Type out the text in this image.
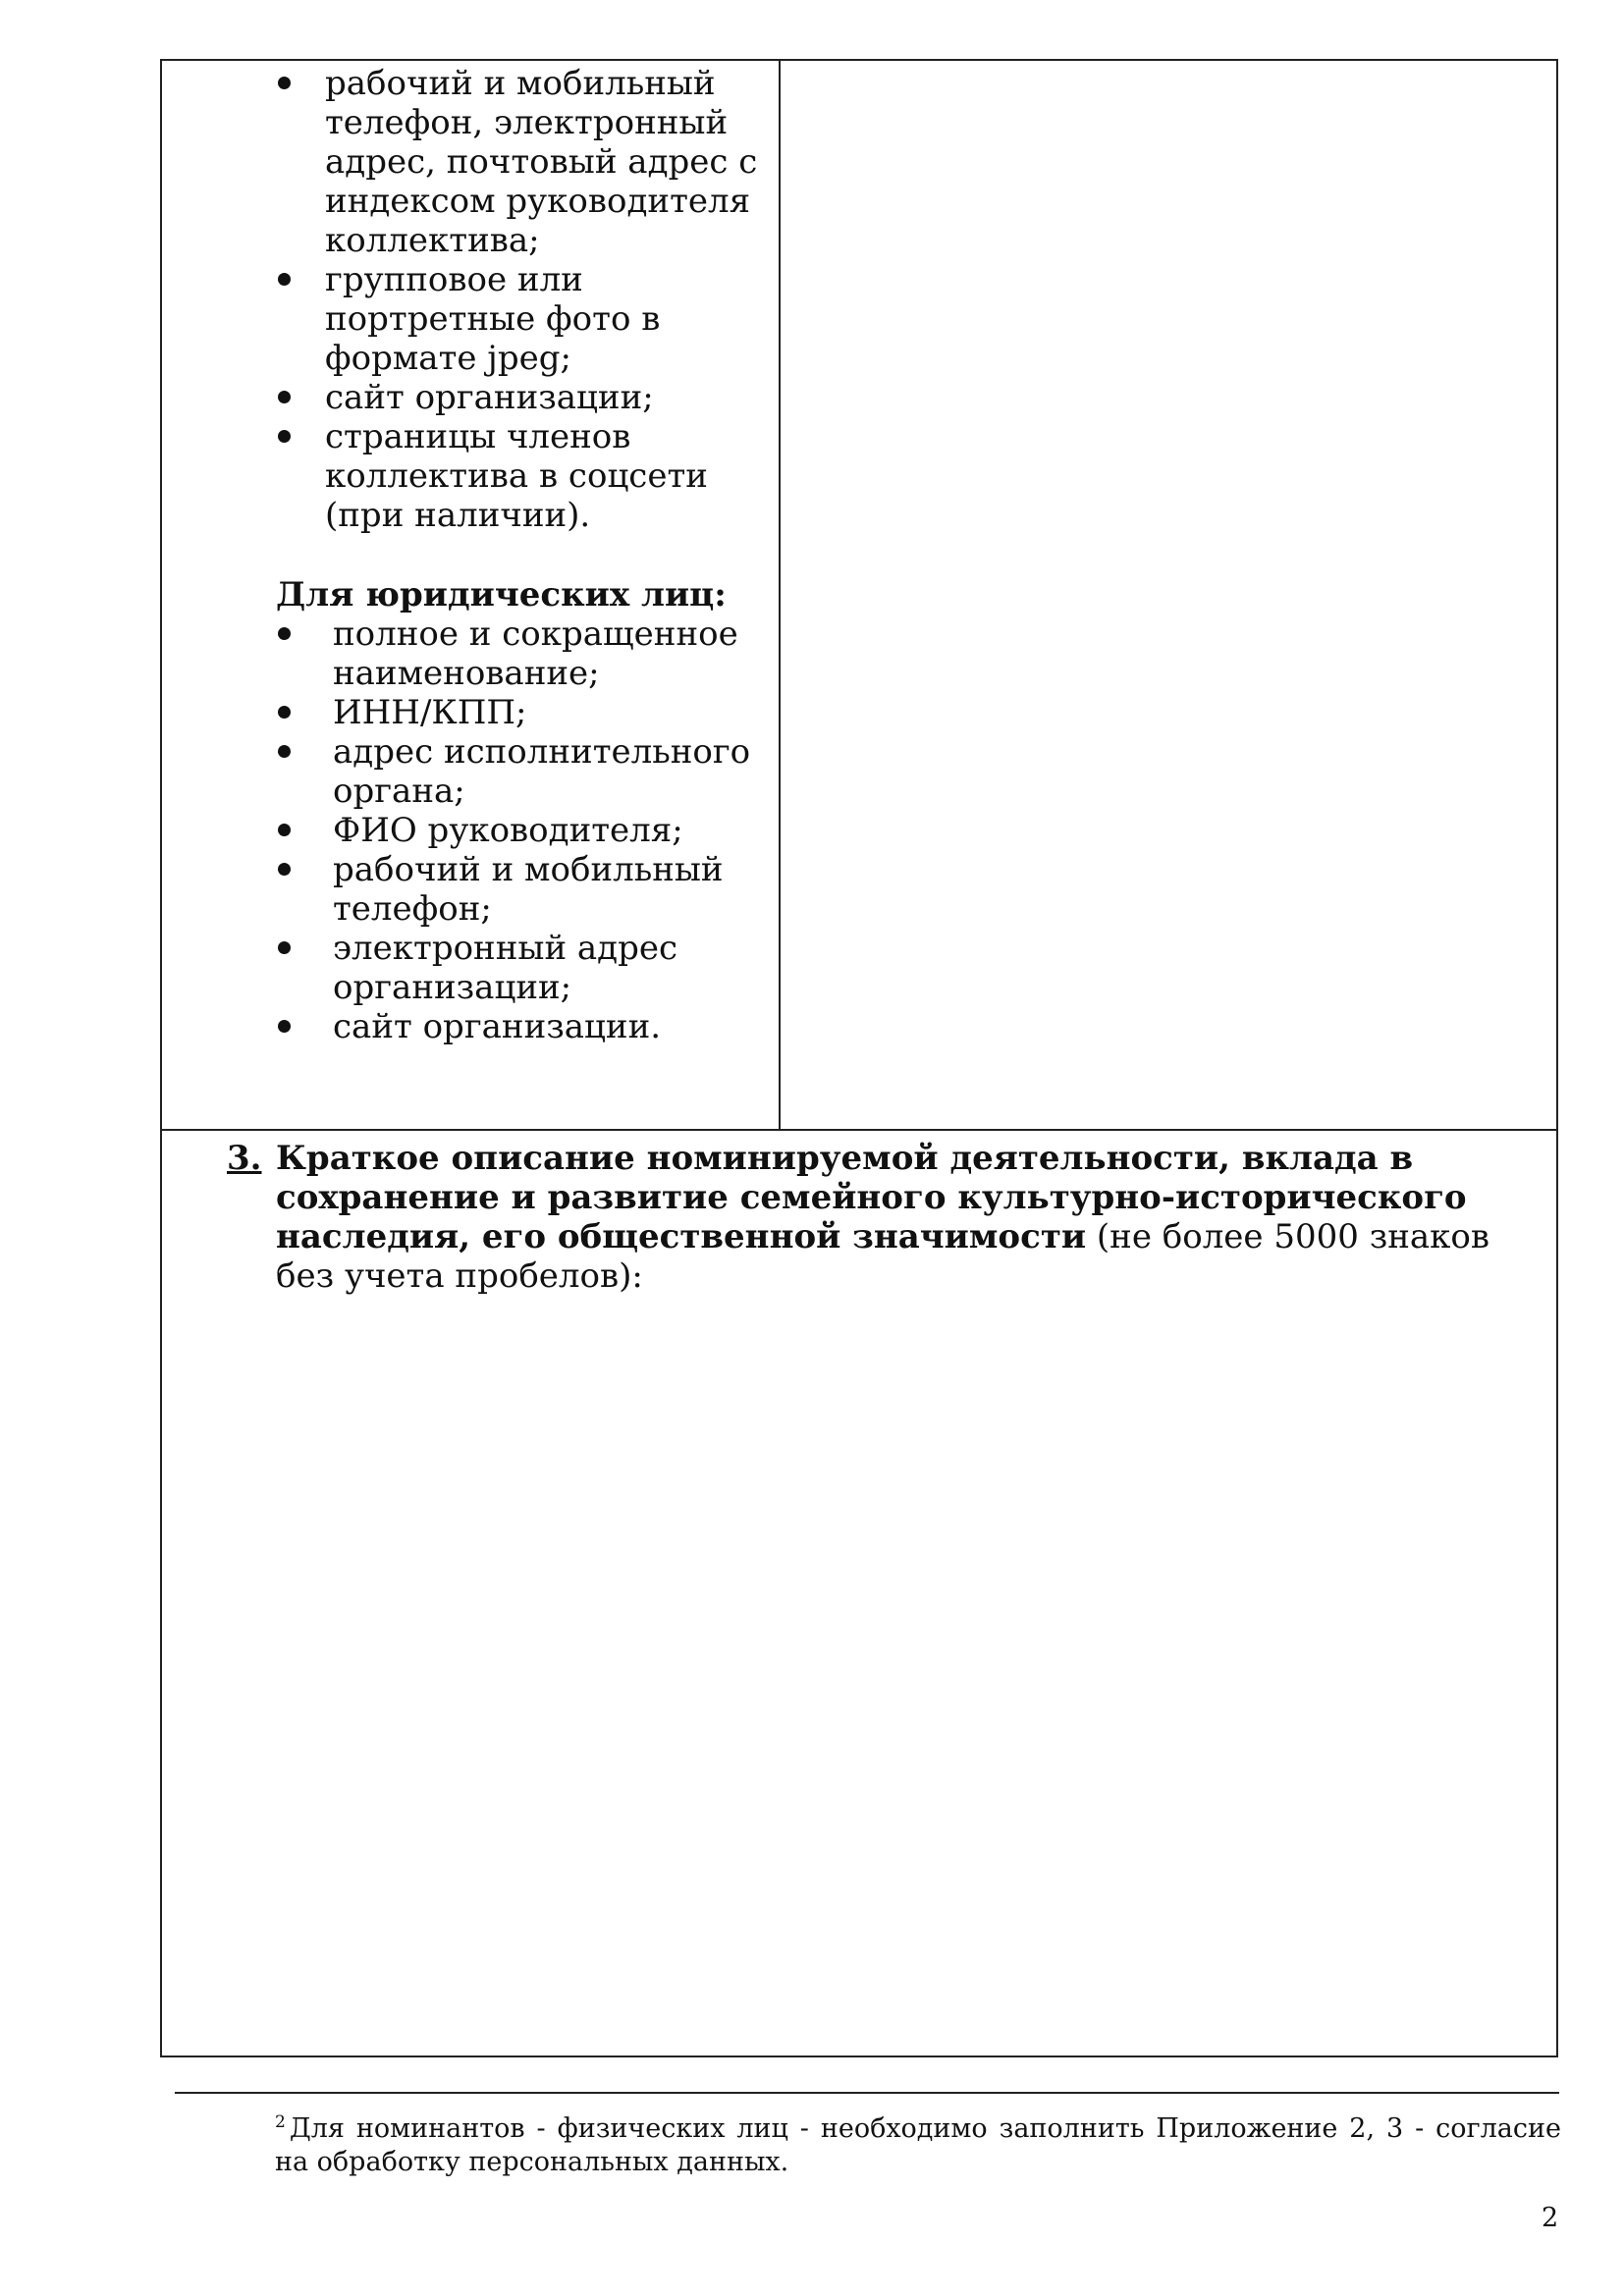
рабочий и мобильный телефон, электронный адрес, почтовый адрес с индексом руководителя коллектива;
групповое или портретные фото в формате jpeg;
сайт организации;
страницы членов коллектива в соцсети (при наличии).
Для юридических лиц:
полное и сокращенное наименование;
ИНН/КПП;
адрес исполнительного органа;
ФИО руководителя;
рабочий и мобильный телефон;
электронный адрес организации;
сайт организации.

3. Краткое описание номинируемой деятельности, вклада в сохранение и развитие семейного культурно-исторического наследия, его общественной значимости (не более 5000 знаков без учета пробелов):
$^2$ Для номинантов - физических лиц - необходимо заполнить Приложение 2, 3 - согласие на обработку персональных данных.
2
